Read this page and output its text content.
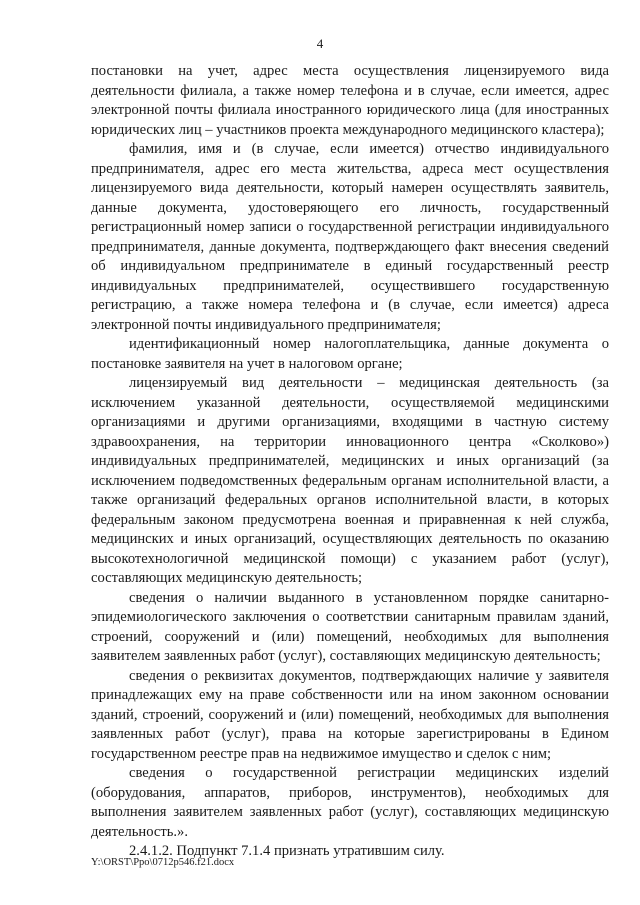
4

постановки на учет, адрес места осуществления лицензируемого вида деятельности филиала, а также номер телефона и в случае, если имеется, адрес электронной почты филиала иностранного юридического лица (для иностранных юридических лиц – участников проекта международного медицинского кластера);

фамилия, имя и (в случае, если имеется) отчество индивидуального предпринимателя, адрес его места жительства, адреса мест осуществления лицензируемого вида деятельности, который намерен осуществлять заявитель, данные документа, удостоверяющего его личность, государственный регистрационный номер записи о государственной регистрации индивидуального предпринимателя, данные документа, подтверждающего факт внесения сведений об индивидуальном предпринимателе в единый государственный реестр индивидуальных предпринимателей, осуществившего государственную регистрацию, а также номера телефона и (в случае, если имеется) адреса электронной почты индивидуального предпринимателя;

идентификационный номер налогоплательщика, данные документа о постановке заявителя на учет в налоговом органе;

лицензируемый вид деятельности – медицинская деятельность (за исключением указанной деятельности, осуществляемой медицинскими организациями и другими организациями, входящими в частную систему здравоохранения, на территории инновационного центра «Сколково») индивидуальных предпринимателей, медицинских и иных организаций (за исключением подведомственных федеральным органам исполнительной власти, а также организаций федеральных органов исполнительной власти, в которых федеральным законом предусмотрена военная и приравненная к ней служба, медицинских и иных организаций, осуществляющих деятельность по оказанию высокотехнологичной медицинской помощи) с указанием работ (услуг), составляющих медицинскую деятельность;

сведения о наличии выданного в установленном порядке санитарно-эпидемиологического заключения о соответствии санитарным правилам зданий, строений, сооружений и (или) помещений, необходимых для выполнения заявителем заявленных работ (услуг), составляющих медицинскую деятельность;

сведения о реквизитах документов, подтверждающих наличие у заявителя принадлежащих ему на праве собственности или на ином законном основании зданий, строений, сооружений и (или) помещений, необходимых для выполнения заявленных работ (услуг), права на которые зарегистрированы в Едином государственном реестре прав на недвижимое имущество и сделок с ним;

сведения о государственной регистрации медицинских изделий (оборудования, аппаратов, приборов, инструментов), необходимых для выполнения заявителем заявленных работ (услуг), составляющих медицинскую деятельность.».

2.4.1.2. Подпункт 7.1.4 признать утратившим силу.

Y:\ORST\Ppo\0712p546.f21.docx
